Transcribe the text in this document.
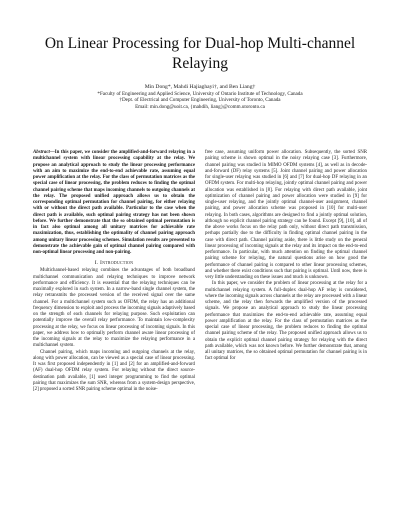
On Linear Processing for Dual-hop Multi-channel Relaying
Min Dong*, Mahdi Hajiaghayi†, and Ben Liang†
*Faculty of Engineering and Applied Science, University of Ontario Institute of Technology, Canada
†Dept. of Electrical and Computer Engineering, University of Toronto, Canada
Email: min.dong@uoit.ca, {mahdih, liang}@comm.utoronto.ca

Abstract—In this paper, we consider the amplified-and-forward relaying in a multichannel system with linear processing capability at the relay. We propose an analytical approach to study the linear processing performance with an aim to maximize the end-to-end achievable rate, assuming equal power amplification at the relay. For the class of permutation matrices as the special case of linear processing, the problem reduces to finding the optimal channel pairing scheme that maps incoming channels to outgoing channels at the relay. The proposed unified approach allows us to obtain the corresponding optimal permutation for channel pairing, for either relaying with or without the direct path available. Particular to the case when the direct path is available, such optimal pairing strategy has not been shown before. We further demonstrate that the so obtained optimal permutation is in fact also optimal among all unitary matrices for achievable rate maximization, thus, establishing the optimality of channel pairing approach among unitary linear processing schemes. Simulation results are presented to demonstrate the achievable gain of optimal channel pairing compared with non-optimal linear processing and non-pairing.

I. Introduction

Multichannel-based relaying combines the advantages of both broadband multichannel communication and relaying techniques to improve network performance and efficiency. It is essential that the relaying techniques can be maximally explored in such system. In a narrow-band single channel system, the relay retransmits the processed version of the received signal over the same channel. For a multichannel system such as OFDM, the relay has an additional frequency dimension to exploit and process the incoming signals adaptively based on the strength of each channels for relaying purpose. Such exploitation can potentially improve the overall relay performance. To maintain low-complexity processing at the relay, we focus on linear processing of incoming signals. In this paper, we address how to optimally perform channel aware linear processing of the incoming signals at the relay to maximize the relaying performance in a multichannel system.

Channel pairing, which maps incoming and outgoing channels at the relay, along with power allocation, can be viewed as a special case of linear processing. It was first proposed independently in [1] and [2] for an amplified-and-forward (AF) dual-hop OFDM relay system. For relaying without the direct source-destination path available, [1] used integer programming to find the optimal pairing that maximizes the sum SNR, whereas from a system-design perspective, [2] proposed a sorted SNR pairing scheme optimal in the noise-

free case, assuming uniform power allocation. Subsequently, the sorted SNR pairing scheme is shown optimal in the noisy relaying case [3]. Furthermore, channel pairing was studied in MIMO OFDM systems [4], as well as in decode-and-forward (DF) relay systems [5]. Joint channel pairing and power allocation for single-user relaying was studied in [6] and [7] for dual-hop DF relaying in an OFDM system. For multi-hop relaying, jointly optimal channel pairing and power allocation was established in [8]. For relaying with direct path available, joint optimization of channel pairing and power allocation were studied in [9] for single-user relaying, and the jointly optimal channel-user assignment, channel pairing, and power allocation scheme was proposed in [10] for multi-user relaying. In both cases, algorithms are designed to find a jointly optimal solution, although no explicit channel pairing strategy can be found. Except [9], [10], all of the above works focus on the relay path only, without direct path transmission, perhaps partially due to the difficulty in finding optimal channel pairing in the case with direct path. Channel pairing aside, there is little study on the general linear processing of incoming signals at the relay and its impact on the end-to-end performance. In particular, with much attention on finding the optimal channel pairing scheme for relaying, the natural questions arise on how good the performance of channel pairing is compared to other linear processing schemes, and whether there exist conditions such that pairing is optimal. Until now, there is very little understanding on these issues and much is unknown.

In this paper, we consider the problem of linear processing at the relay for a multichannel relaying system. A full-duplex dual-hop AF relay is considered, where the incoming signals across channels at the relay are processed with a linear scheme, and the relay then forwards the amplified version of the processed signals. We propose an analytical approach to study the linear processing performance that maximizes the end-to-end achievable rate, assuming equal power amplification at the relay. For the class of permutation matrices as the special case of linear processing, the problem reduces to finding the optimal channel pairing scheme of the relay. The proposed unified approach allows us to obtain the explicit optimal channel pairing strategy for relaying with the direct path available, which was not known before. We further demonstrate that, among all unitary matrices, the so obtained optimal permutation for channel pairing is in fact optimal for
